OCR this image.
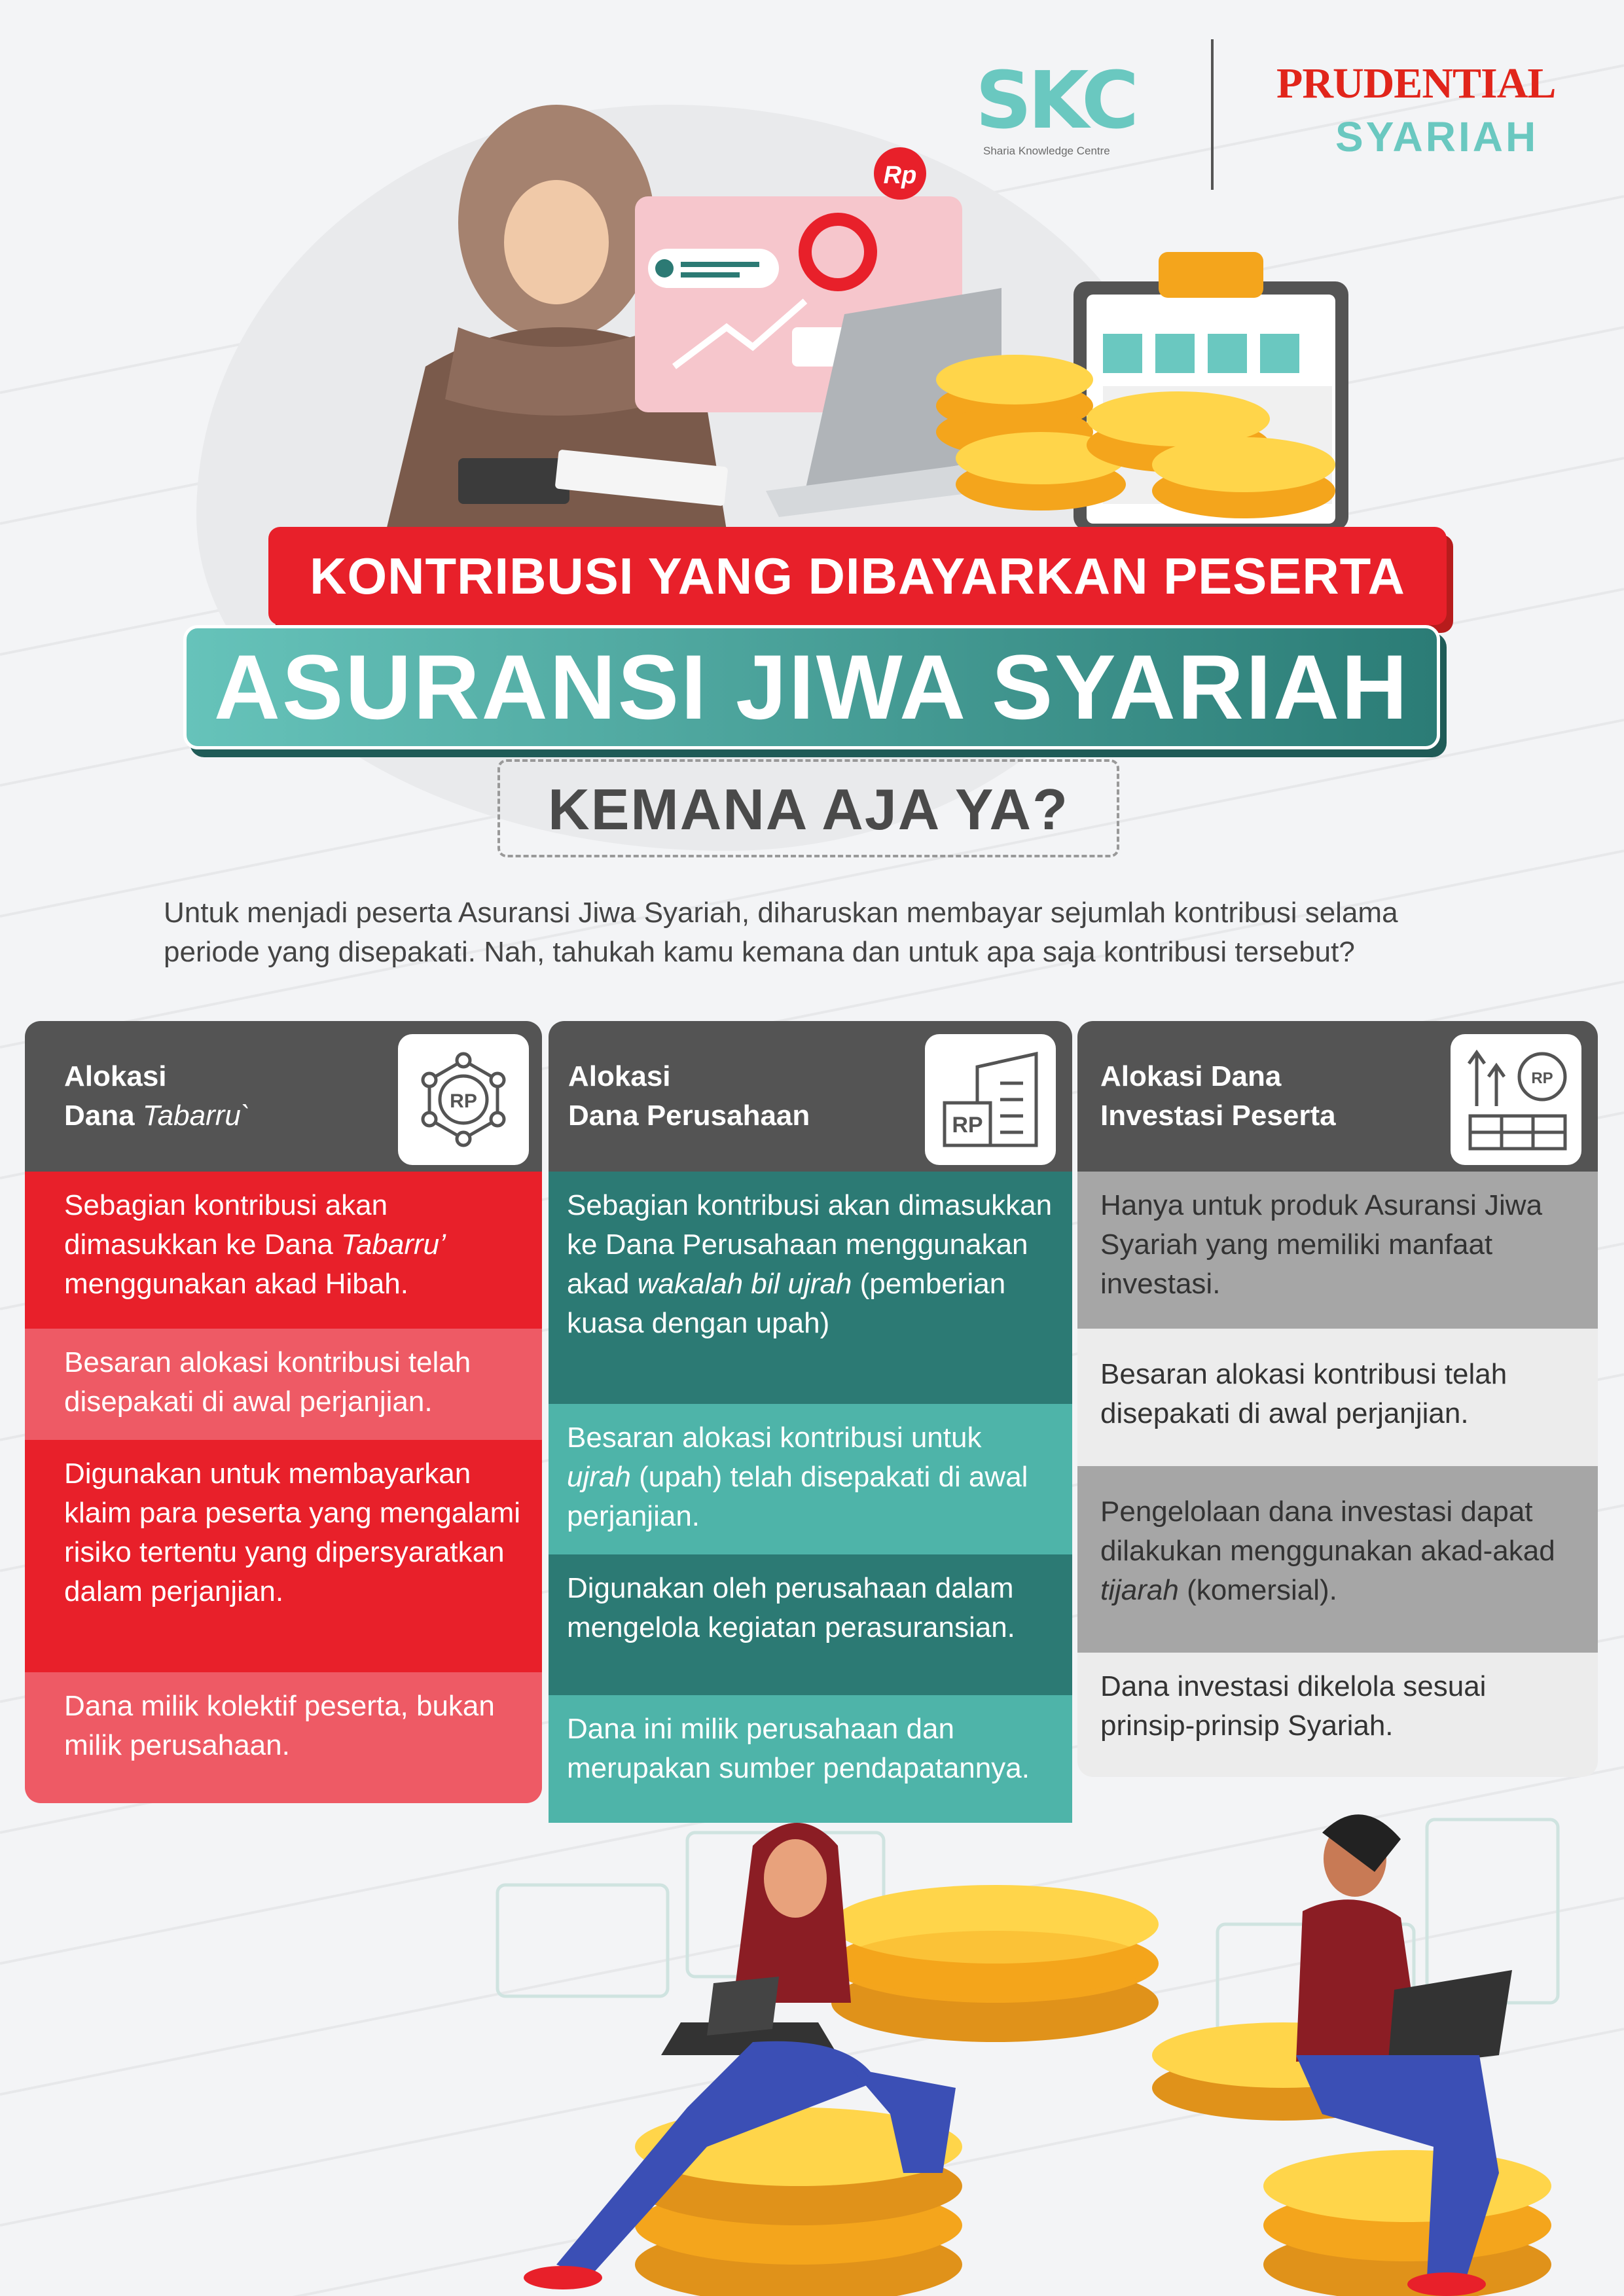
SKC
Sharia Knowledge Centre
PRUDENTIAL
SYARIAH
Rp
KONTRIBUSI YANG DIBAYARKAN PESERTA
ASURANSI JIWA SYARIAH
KEMANA AJA YA?

Untuk menjadi peserta Asuransi Jiwa Syariah, diharuskan membayar sejumlah kontribusi selama periode yang disepakati. Nah, tahukah kamu kemana dan untuk apa saja kontribusi tersebut?

Alokasi
Dana Tabarru`	RP
Sebagian kontribusi akan dimasukkan ke Dana Tabarru’ menggunakan akad Hibah.
Besaran alokasi kontribusi telah disepakati di awal perjanjian.
Digunakan untuk membayarkan klaim para peserta yang mengalami risiko tertentu yang dipersyaratkan dalam perjanjian.
Dana milik kolektif peserta, bukan milik perusahaan.
Alokasi
Dana Perusahaan	RP
Sebagian kontribusi akan dimasukkan ke Dana Perusahaan menggunakan akad wakalah bil ujrah (pemberian kuasa dengan upah)
Besaran alokasi kontribusi untuk ujrah (upah) telah disepakati di awal perjanjian.
Digunakan oleh perusahaan dalam mengelola kegiatan perasuransian.
Dana ini milik perusahaan dan merupakan sumber pendapatannya.
Alokasi Dana
Investasi Peserta
RP
Hanya untuk produk Asuransi Jiwa Syariah yang memiliki manfaat investasi.
Besaran alokasi kontribusi telah disepakati di awal perjanjian.
Pengelolaan dana investasi dapat dilakukan menggunakan akad-akad tijarah (komersial).
Dana investasi dikelola sesuai prinsip-prinsip Syariah.
